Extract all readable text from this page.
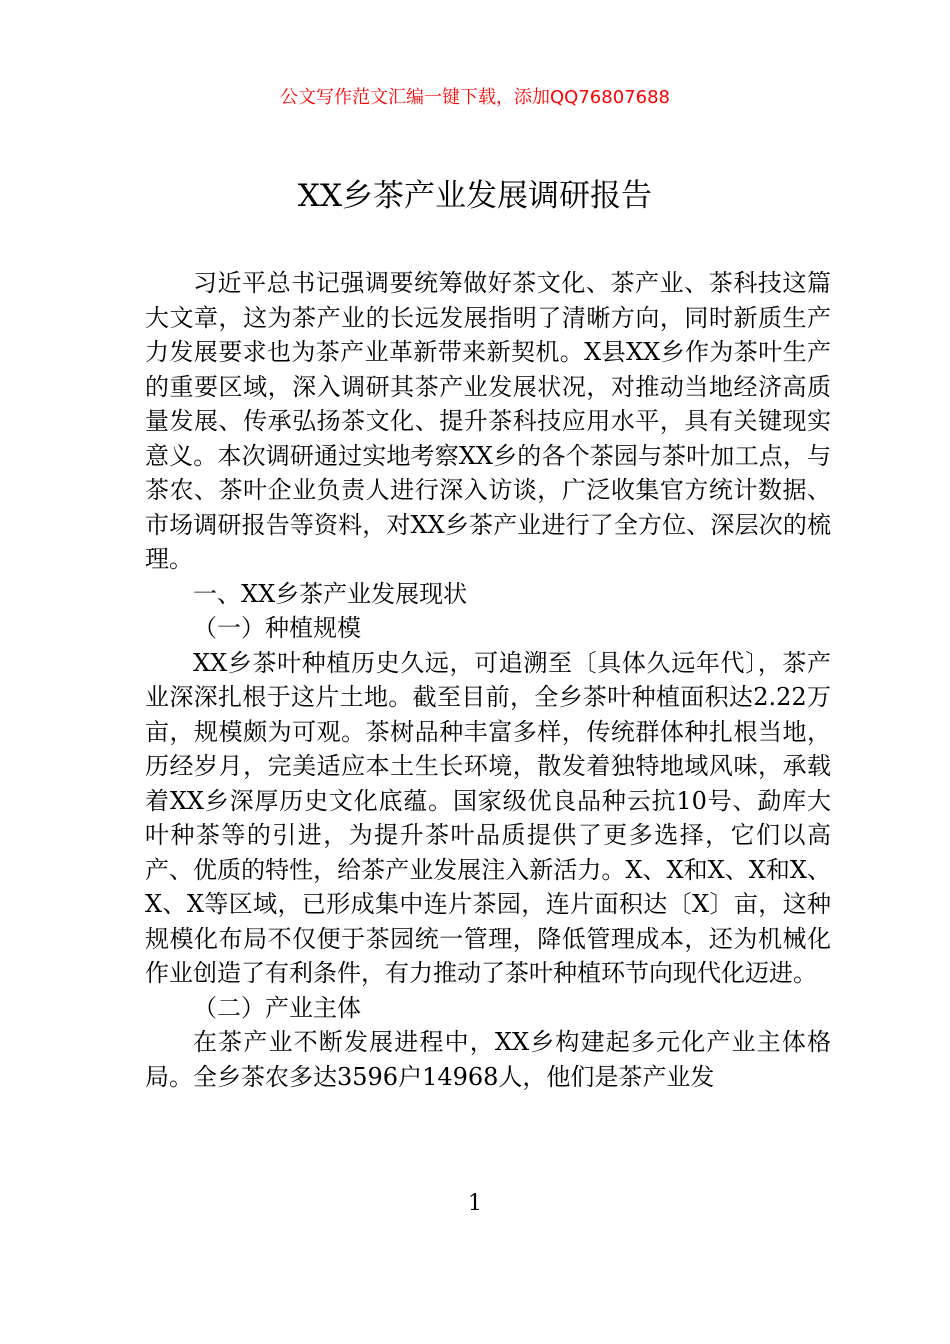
公文写作范文汇编一键下载，添加QQ76807688

XX乡茶产业发展调研报告

习近平总书记强调要统筹做好茶文化、茶产业、茶科技这篇大文章，这为茶产业的长远发展指明了清晰方向，同时新质生产力发展要求也为茶产业革新带来新契机。X县XX乡作为茶叶生产的重要区域，深入调研其茶产业发展状况，对推动当地经济高质量发展、传承弘扬茶文化、提升茶科技应用水平，具有关键现实意义。本次调研通过实地考察XX乡的各个茶园与茶叶加工点，与茶农、茶叶企业负责人进行深入访谈，广泛收集官方统计数据、市场调研报告等资料，对XX乡茶产业进行了全方位、深层次的梳理。

一、XX乡茶产业发展现状

（一）种植规模

XX乡茶叶种植历史久远，可追溯至〔具体久远年代〕，茶产业深深扎根于这片土地。截至目前，全乡茶叶种植面积达2.22万亩，规模颇为可观。茶树品种丰富多样，传统群体种扎根当地，历经岁月，完美适应本土生长环境，散发着独特地域风味，承载着XX乡深厚历史文化底蕴。国家级优良品种云抗10号、勐库大叶种茶等的引进，为提升茶叶品质提供了更多选择，它们以高产、优质的特性，给茶产业发展注入新活力。X、X和X、X和X、X、X等区域，已形成集中连片茶园，连片面积达〔X〕亩，这种规模化布局不仅便于茶园统一管理，降低管理成本，还为机械化作业创造了有利条件，有力推动了茶叶种植环节向现代化迈进。

（二）产业主体

在茶产业不断发展进程中，XX乡构建起多元化产业主体格局。全乡茶农多达3596户14968人，他们是茶产业发

1
